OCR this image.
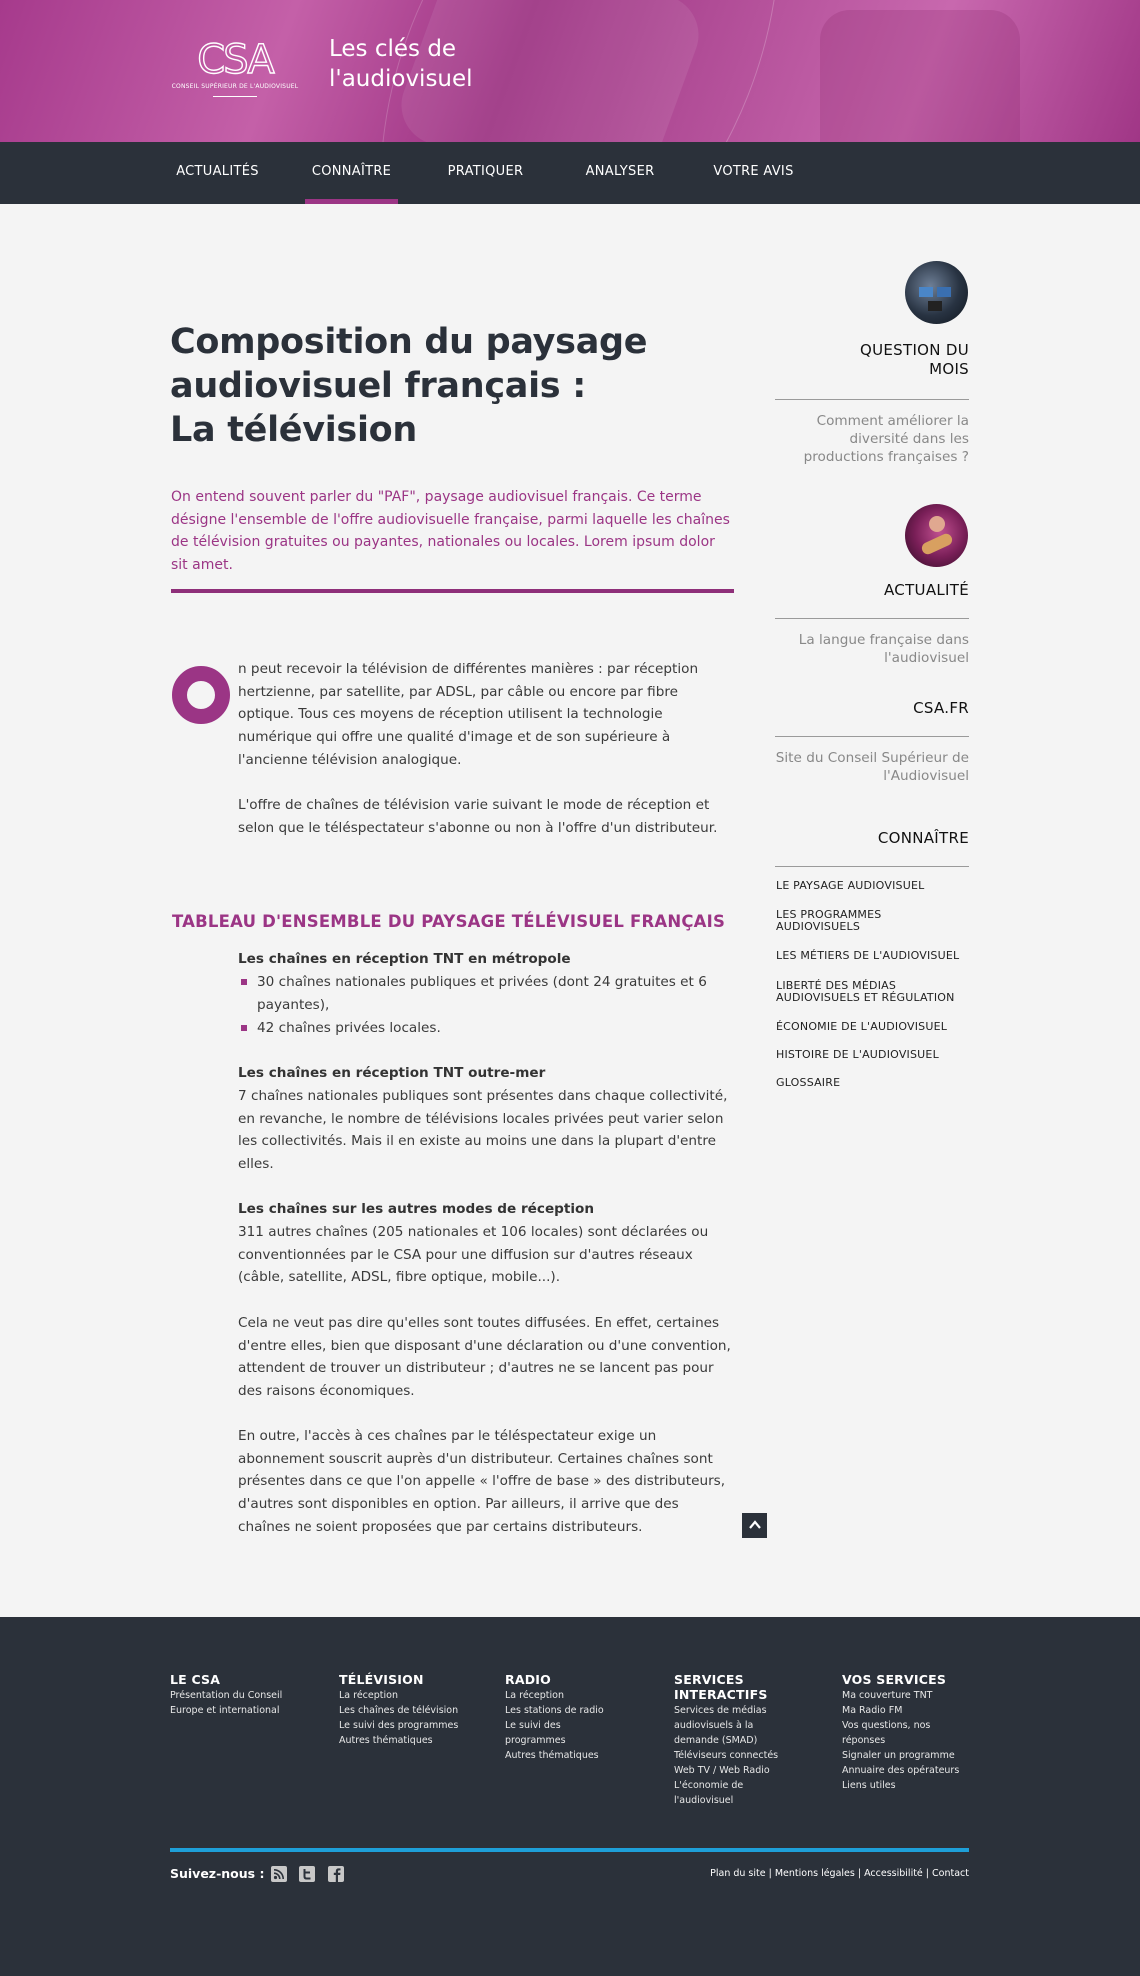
CSA
CONSEIL SUPÉRIEUR DE L'AUDIOVISUEL
Les clés de
l'audiovisuel
ACTUALITÉS	CONNAÎTRE	PRATIQUER	ANALYSER	VOTRE AVIS
Composition du paysage
audiovisuel français :
La télévision

On entend souvent parler du "PAF", paysage audiovisuel français. Ce terme désigne l'ensemble de l'offre audiovisuelle française, parmi laquelle les chaînes de télévision gratuites ou payantes, nationales ou locales. Lorem ipsum dolor sit amet.

n peut recevoir la télévision de différentes manières : par réception hertzienne, par satellite, par ADSL, par câble ou encore par fibre optique. Tous ces moyens de réception utilisent la technologie numérique qui offre une qualité d'image et de son supérieure à l'ancienne télévision analogique.

L'offre de chaînes de télévision varie suivant le mode de réception et selon que le téléspectateur s'abonne ou non à l'offre d'un distributeur.

TABLEAU D'ENSEMBLE DU PAYSAGE TÉLÉVISUEL FRANÇAIS
Les chaînes en réception TNT en métropole
30 chaînes nationales publiques et privées (dont 24 gratuites et 6 payantes),
42 chaînes privées locales.
Les chaînes en réception TNT outre-mer

7 chaînes nationales publiques sont présentes dans chaque collectivité, en revanche, le nombre de télévisions locales privées peut varier selon les collectivités. Mais il en existe au moins une dans la plupart d'entre elles.

Les chaînes sur les autres modes de réception

311 autres chaînes (205 nationales et 106 locales) sont déclarées ou conventionnées par le CSA pour une diffusion sur d'autres réseaux (câble, satellite, ADSL, fibre optique, mobile...).

Cela ne veut pas dire qu'elles sont toutes diffusées. En effet, certaines d'entre elles, bien que disposant d'une déclaration ou d'une convention, attendent de trouver un distributeur ; d'autres ne se lancent pas pour des raisons économiques.

En outre, l'accès à ces chaînes par le téléspectateur exige un abonnement souscrit auprès d'un distributeur. Certaines chaînes sont présentes dans ce que l'on appelle « l'offre de base » des distributeurs, d'autres sont disponibles en option. Par ailleurs, il arrive que des chaînes ne soient proposées que par certains distributeurs.

QUESTION DU
MOIS
Comment améliorer la diversité dans les productions françaises ?
ACTUALITÉ
La langue française dans l'audiovisuel
CSA.FR
Site du Conseil Supérieur de l'Audiovisuel
CONNAÎTRE
LE PAYSAGE AUDIOVISUEL
LES PROGRAMMES AUDIOVISUELS
LES MÉTIERS DE L'AUDIOVISUEL
LIBERTÉ DES MÉDIAS AUDIOVISUELS ET RÉGULATION
ÉCONOMIE DE L'AUDIOVISUEL
HISTOIRE DE L'AUDIOVISUEL
GLOSSAIRE
LE CSA
Présentation du Conseil
Europe et international
TÉLÉVISION
La réception
Les chaînes de télévision
Le suivi des programmes
Autres thématiques
RADIO
La réception
Les stations de radio
Le suivi des
programmes
Autres thématiques
SERVICES
INTERACTIFS
Services de médias
audiovisuels à la
demande (SMAD)
Téléviseurs connectés
Web TV / Web Radio
L'économie de
l'audiovisuel
VOS SERVICES
Ma couverture TNT
Ma Radio FM
Vos questions, nos
réponses
Signaler un programme
Annuaire des opérateurs
Liens utiles
Suivez-nous :	Plan du site | Mentions légales | Accessibilité | Contact
